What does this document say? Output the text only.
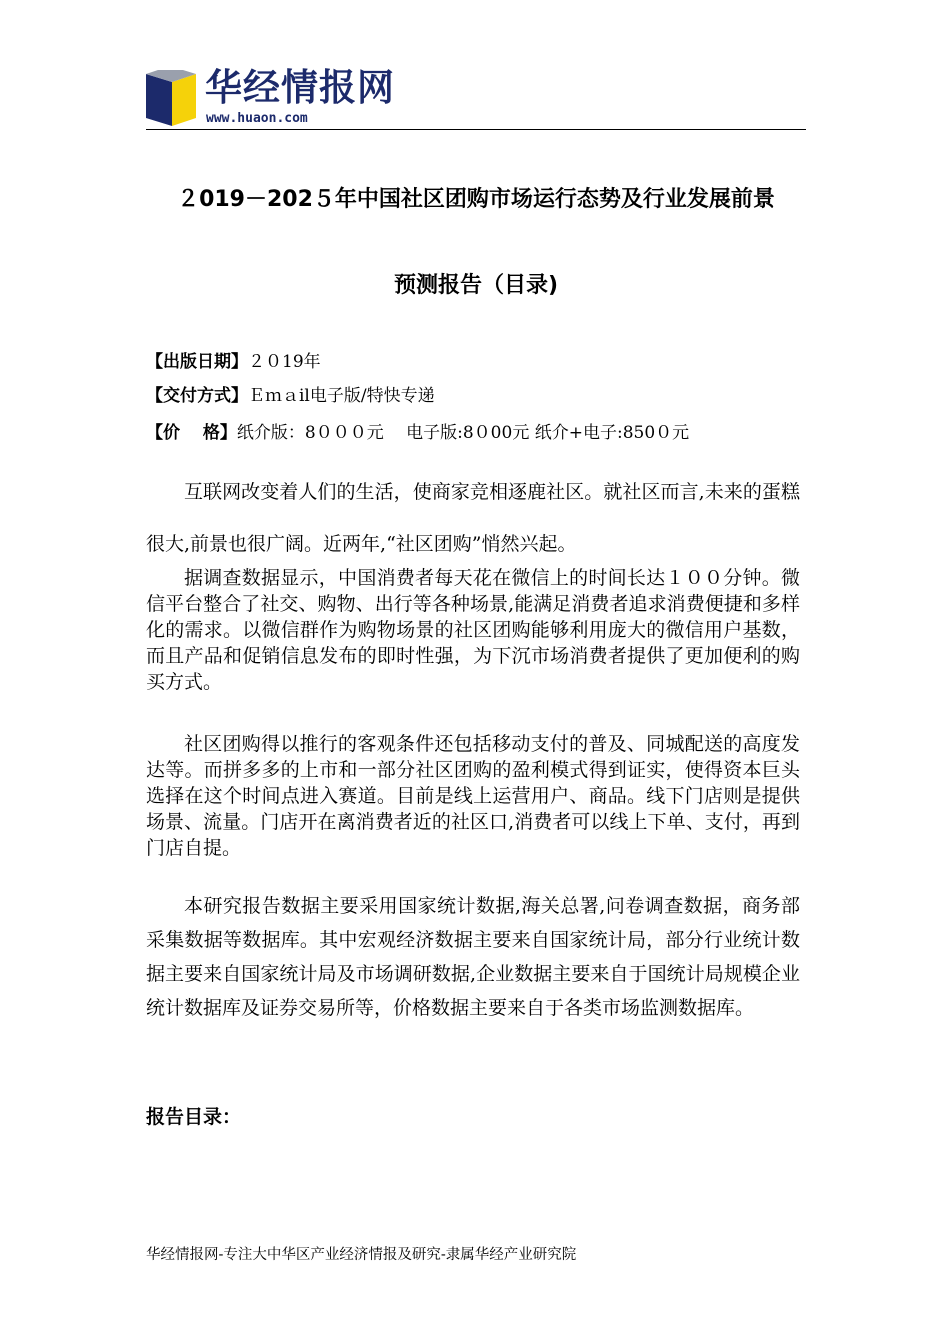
华经情报网
www.huaon.com
２019－202５年中国社区团购市场运行态势及行业发展前景
预测报告（目录)
【出版日期】２０19年
【交付方式】Ｅｍａil电子版/特快专递
【价　 格】纸介版：8０００元　 电子版:8０00元 纸介+电子:850０元

互联网改变着人们的生活，使商家竞相逐鹿社区。就社区而言,未来的蛋糕很大,前景也很广阔。近两年,“社区团购”悄然兴起。

据调查数据显示，中国消费者每天花在微信上的时间长达１００分钟。微信平台整合了社交、购物、出行等各种场景,能满足消费者追求消费便捷和多样化的需求。以微信群作为购物场景的社区团购能够利用庞大的微信用户基数，而且产品和促销信息发布的即时性强，为下沉市场消费者提供了更加便利的购买方式。

社区团购得以推行的客观条件还包括移动支付的普及、同城配送的高度发达等。而拼多多的上市和一部分社区团购的盈利模式得到证实，使得资本巨头选择在这个时间点进入赛道。目前是线上运营用户、商品。线下门店则是提供场景、流量。门店开在离消费者近的社区口,消费者可以线上下单、支付，再到门店自提。

本研究报告数据主要采用国家统计数据,海关总署,问卷调查数据，商务部采集数据等数据库。其中宏观经济数据主要来自国家统计局，部分行业统计数据主要来自国家统计局及市场调研数据,企业数据主要来自于国统计局规模企业统计数据库及证券交易所等，价格数据主要来自于各类市场监测数据库。

报告目录：
华经情报网-专注大中华区产业经济情报及研究-隶属华经产业研究院
